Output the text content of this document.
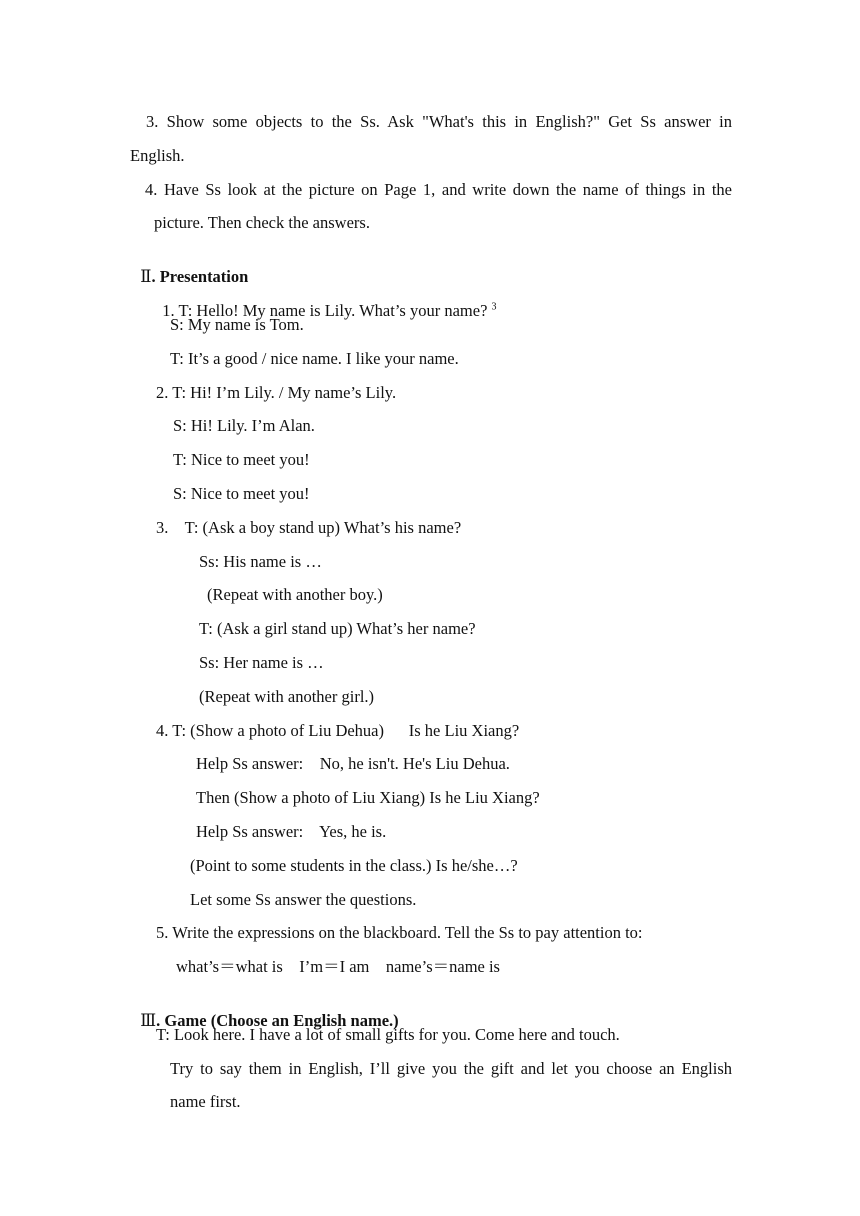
3. Show some objects to the Ss. Ask "What's this in English?" Get Ss answer in
English.
4. Have Ss look at the picture on Page 1, and write down the name of things in the
picture. Then check the answers.

Ⅱ. Presentation

1. T: Hello! My name is Lily. What’s your name? $^3$

S: My name is Tom.
T: It’s a good / nice name. I like your name.
2. T: Hi! I’m Lily. / My name’s Lily.
S: Hi! Lily. I’m Alan.
T: Nice to meet you!
S: Nice to meet you!
3.    T: (Ask a boy stand up) What’s his name?
Ss: His name is …
(Repeat with another boy.)
T: (Ask a girl stand up) What’s her name?
Ss: Her name is …
(Repeat with another girl.)
4. T: (Show a photo of Liu Dehua)      Is he Liu Xiang?
Help Ss answer:    No, he isn't. He's Liu Dehua.
Then (Show a photo of Liu Xiang) Is he Liu Xiang?
Help Ss answer:    Yes, he is.
(Point to some students in the class.) Is he/she…?
Let some Ss answer the questions.
5. Write the expressions on the blackboard. Tell the Ss to pay attention to:
what’s＝what is    I’m＝I am    name’s＝name is

Ⅲ. Game (Choose an English name.)

T: Look here. I have a lot of small gifts for you. Come here and touch.
Try to say them in English, I’ll give you the gift and let you choose an English
name first.
